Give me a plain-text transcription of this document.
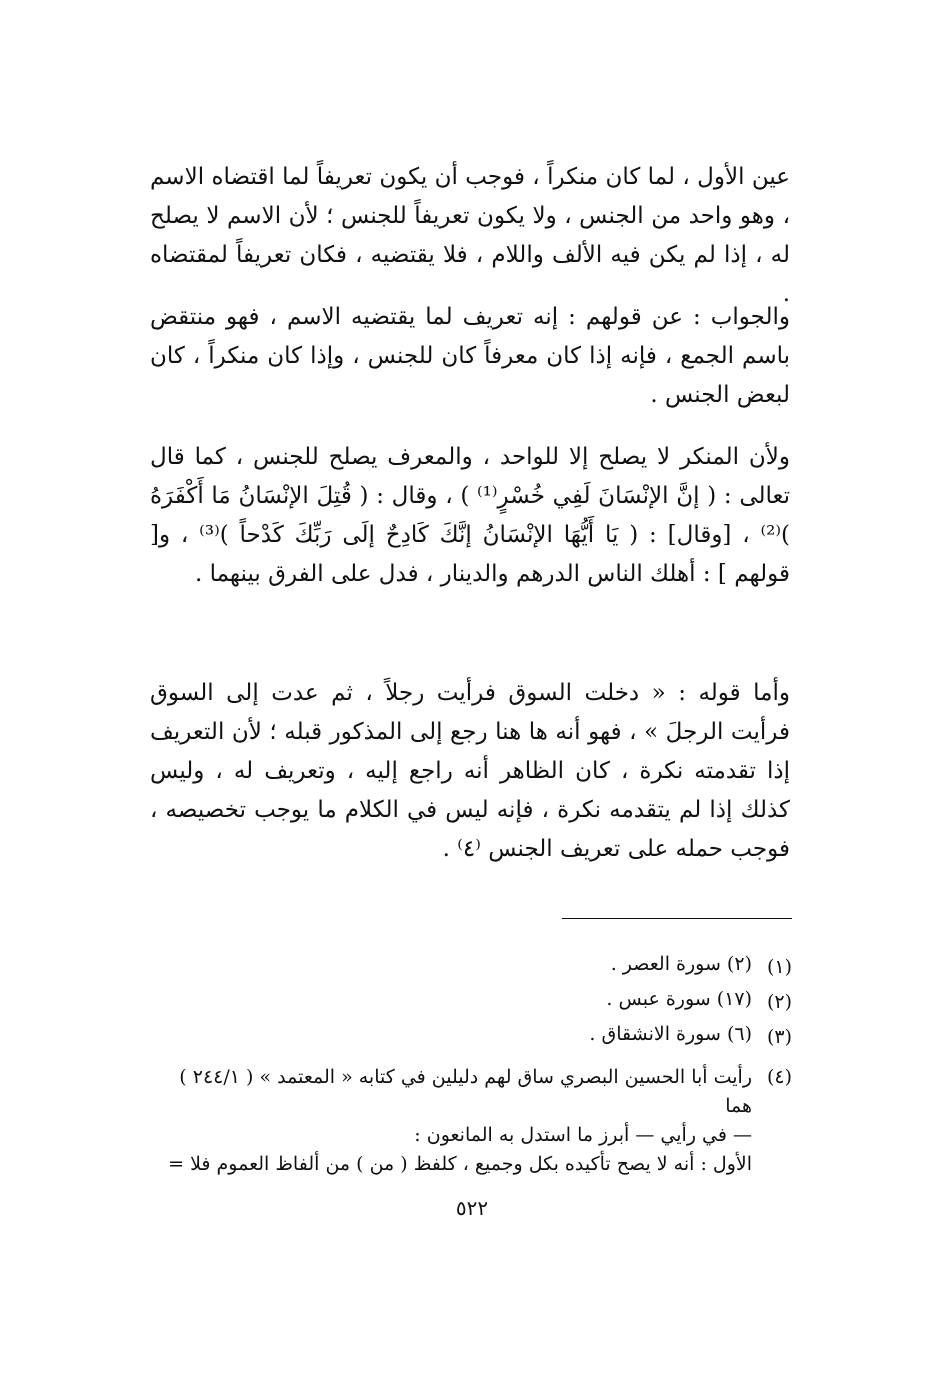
عين الأول ، لما كان منكراً ، فوجب أن يكون تعريفاً لما اقتضاه الاسم ، وهو واحد من الجنس ، ولا يكون تعريفاً للجنس ؛ لأن الاسم لا يصلح له ، إذا لم يكن فيه الألف واللام ، فلا يقتضيه ، فكان تعريفاً لمقتضاه .

والجواب : عن قولهم : إنه تعريف لما يقتضيه الاسم ، فهو منتقض باسم الجمع ، فإنه إذا كان معرفاً كان للجنس ، وإذا كان منكراً ، كان لبعض الجنس .

ولأن المنكر لا يصلح إلا للواحد ، والمعرف يصلح للجنس ، كما قال تعالى : ( إنَّ الإنْسَانَ لَفِي خُسْرٍ⁽¹⁾ ) ، وقال : ( قُتِلَ الإنْسَانُ مَا أَكْفَرَهُ )⁽²⁾ ، [وقال] : ( يَا أَيُّهَا الإنْسَانُ إنَّكَ كَادِحٌ إلَى رَبِّكَ كَدْحاً )⁽³⁾ ، و[ قولهم ] : أهلك الناس الدرهم والدينار ، فدل على الفرق بينهما .

وأما قوله : « دخلت السوق فرأيت رجلاً ، ثم عدت إلى السوق فرأيت الرجلَ » ، فهو أنه ها هنا رجع إلى المذكور قبله ؛ لأن التعريف إذا تقدمته نكرة ، كان الظاهر أنه راجع إليه ، وتعريف له ، وليس كذلك إذا لم يتقدمه نكرة ، فإنه ليس في الكلام ما يوجب تخصيصه ، فوجب حمله على تعريف الجنس ⁽٤⁾ .

(١)
(٢) سورة العصر .
(٢)
(١٧) سورة عبس .
(٣)
(٦) سورة الانشقاق .
(٤)
رأيت أبا الحسين البصري ساق لهم دليلين في كتابه « المعتمد » ( ٢٤٤/١ ) هما
— في رأيي — أبرز ما استدل به المانعون :
الأول : أنه لا يصح تأكيده بكل وجميع ، كلفظ ( من ) من ألفاظ العموم فلا =
٥٢٢
